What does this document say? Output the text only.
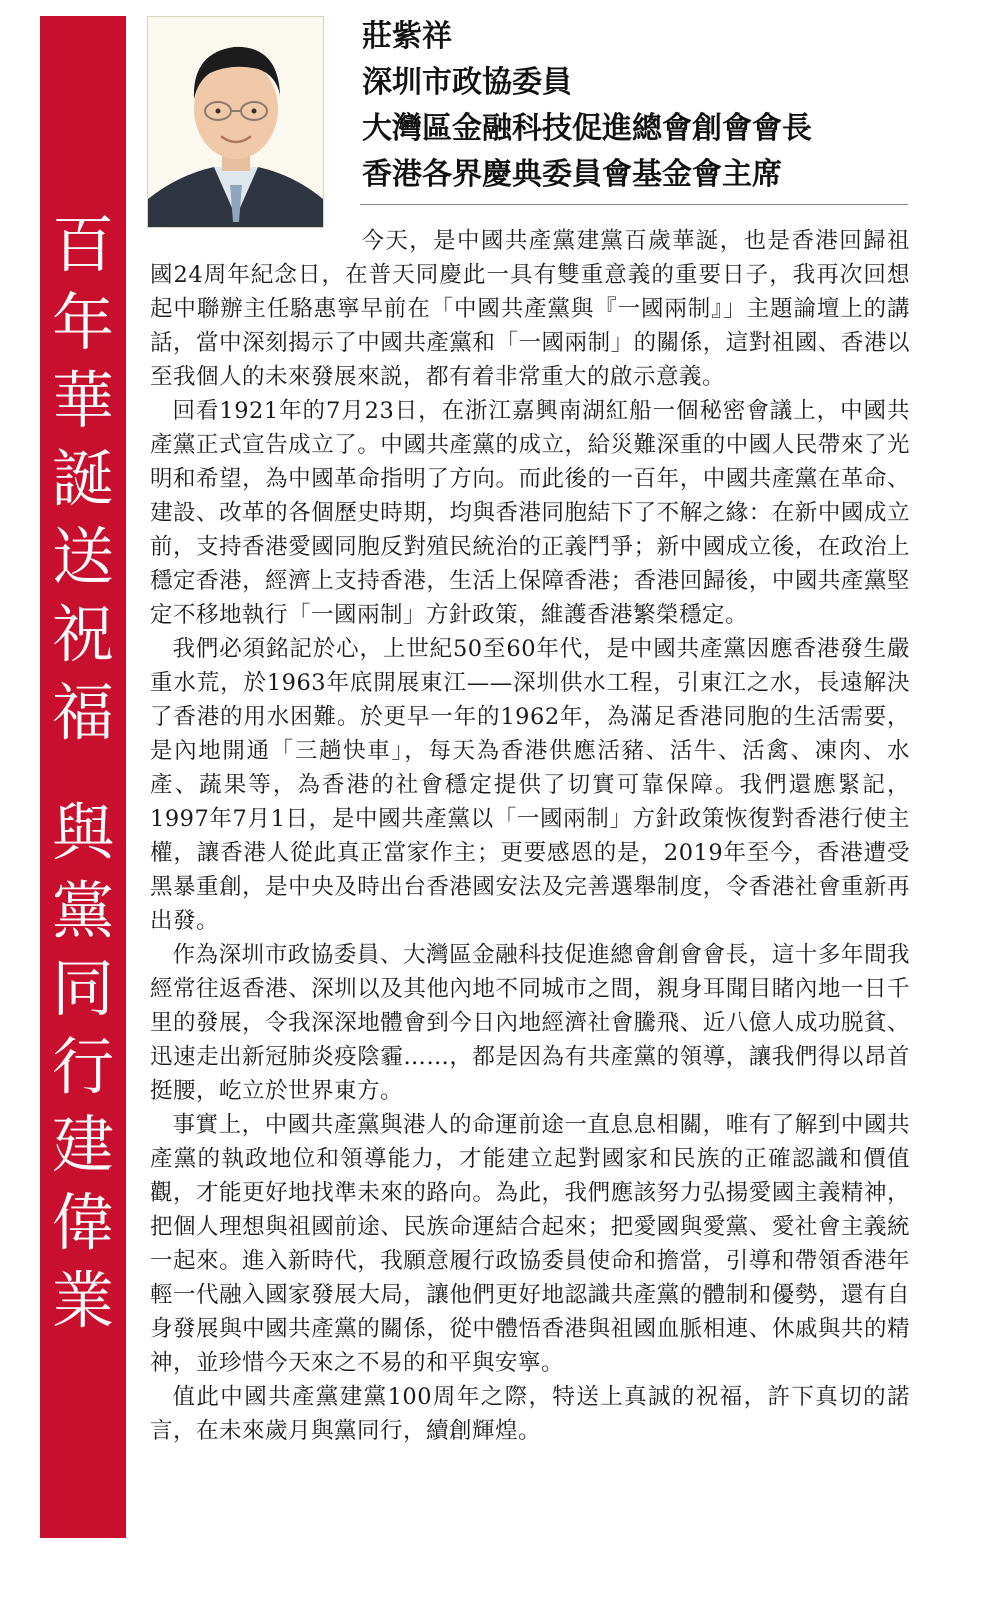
百
年
華
誕
送
祝
福
與
黨
同
行
建
偉
業
莊紫祥
深圳市政協委員
大灣區金融科技促進總會創會會長
香港各界慶典委員會基金會主席

今天，是中國共產黨建黨百歲華誕，也是香港回歸祖國24周年紀念日，在普天同慶此一具有雙重意義的重要日子，我再次回想起中聯辦主任駱惠寧早前在「中國共產黨與『一國兩制』」主題論壇上的講話，當中深刻揭示了中國共產黨和「一國兩制」的關係，這對祖國、香港以至我個人的未來發展來説，都有着非常重大的啟示意義。

回看1921年的7月23日，在浙江嘉興南湖紅船一個秘密會議上，中國共產黨正式宣告成立了。中國共產黨的成立，給災難深重的中國人民帶來了光明和希望，為中國革命指明了方向。而此後的一百年，中國共產黨在革命、建設、改革的各個歷史時期，均與香港同胞結下了不解之緣：在新中國成立前，支持香港愛國同胞反對殖民統治的正義鬥爭；新中國成立後，在政治上穩定香港，經濟上支持香港，生活上保障香港；香港回歸後，中國共產黨堅定不移地執行「一國兩制」方針政策，維護香港繁榮穩定。

我們必須銘記於心，上世紀50至60年代，是中國共產黨因應香港發生嚴重水荒，於1963年底開展東江——深圳供水工程，引東江之水，長遠解決了香港的用水困難。於更早一年的1962年，為滿足香港同胞的生活需要，是內地開通「三趟快車」，每天為香港供應活豬、活牛、活禽、凍肉、水產、蔬果等，為香港的社會穩定提供了切實可靠保障。我們還應緊記，1997年7月1日，是中國共產黨以「一國兩制」方針政策恢復對香港行使主權，讓香港人從此真正當家作主；更要感恩的是，2019年至今，香港遭受黑暴重創，是中央及時出台香港國安法及完善選舉制度，令香港社會重新再出發。

作為深圳市政協委員、大灣區金融科技促進總會創會會長，這十多年間我經常往返香港、深圳以及其他內地不同城市之間，親身耳聞目睹內地一日千里的發展，令我深深地體會到今日內地經濟社會騰飛、近八億人成功脱貧、迅速走出新冠肺炎疫陰霾……，都是因為有共產黨的領導，讓我們得以昂首挺腰，屹立於世界東方。

事實上，中國共產黨與港人的命運前途一直息息相關，唯有了解到中國共產黨的執政地位和領導能力，才能建立起對國家和民族的正確認識和價值觀，才能更好地找準未來的路向。為此，我們應該努力弘揚愛國主義精神，把個人理想與祖國前途、民族命運結合起來；把愛國與愛黨、愛社會主義統一起來。進入新時代，我願意履行政協委員使命和擔當，引導和帶領香港年輕一代融入國家發展大局，讓他們更好地認識共產黨的體制和優勢，還有自身發展與中國共產黨的關係，從中體悟香港與祖國血脈相連、休戚與共的精神，並珍惜今天來之不易的和平與安寧。

值此中國共產黨建黨100周年之際，特送上真誠的祝福，許下真切的諾言，在未來歲月與黨同行，續創輝煌。
